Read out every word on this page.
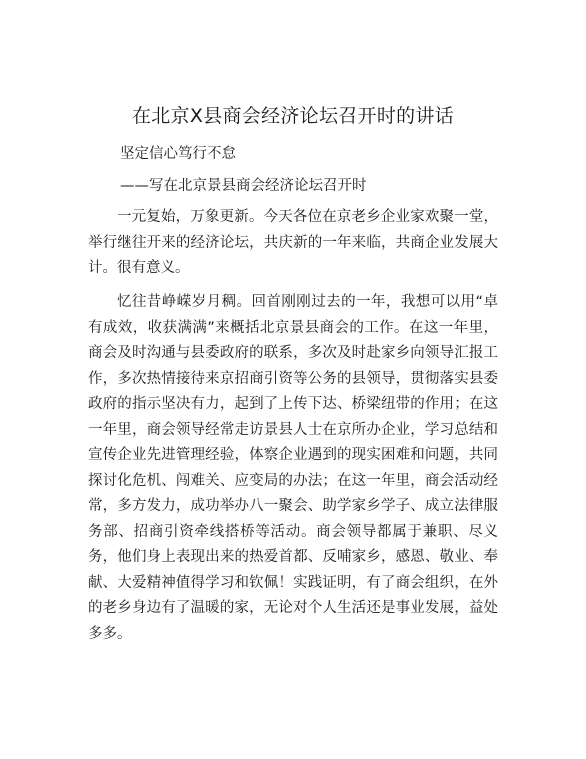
在北京X县商会经济论坛召开时的讲话
坚定信心笃行不怠
——写在北京景县商会经济论坛召开时

一元复始，万象更新。今天各位在京老乡企业家欢聚一堂，举行继往开来的经济论坛，共庆新的一年来临，共商企业发展大计。很有意义。

忆往昔峥嵘岁月稠。回首刚刚过去的一年，我想可以用“卓有成效，收获满满”来概括北京景县商会的工作。在这一年里，商会及时沟通与县委政府的联系，多次及时赴家乡向领导汇报工作，多次热情接待来京招商引资等公务的县领导，贯彻落实县委政府的指示坚决有力，起到了上传下达、桥梁纽带的作用；在这一年里，商会领导经常走访景县人士在京所办企业，学习总结和宣传企业先进管理经验，体察企业遇到的现实困难和问题，共同探讨化危机、闯难关、应变局的办法；在这一年里，商会活动经常，多方发力，成功举办八一聚会、助学家乡学子、成立法律服务部、招商引资牵线搭桥等活动。商会领导都属于兼职、尽义务，他们身上表现出来的热爱首都、反哺家乡，感恩、敬业、奉献、大爱精神值得学习和钦佩！实践证明，有了商会组织，在外的老乡身边有了温暖的家，无论对个人生活还是事业发展，益处多多。
